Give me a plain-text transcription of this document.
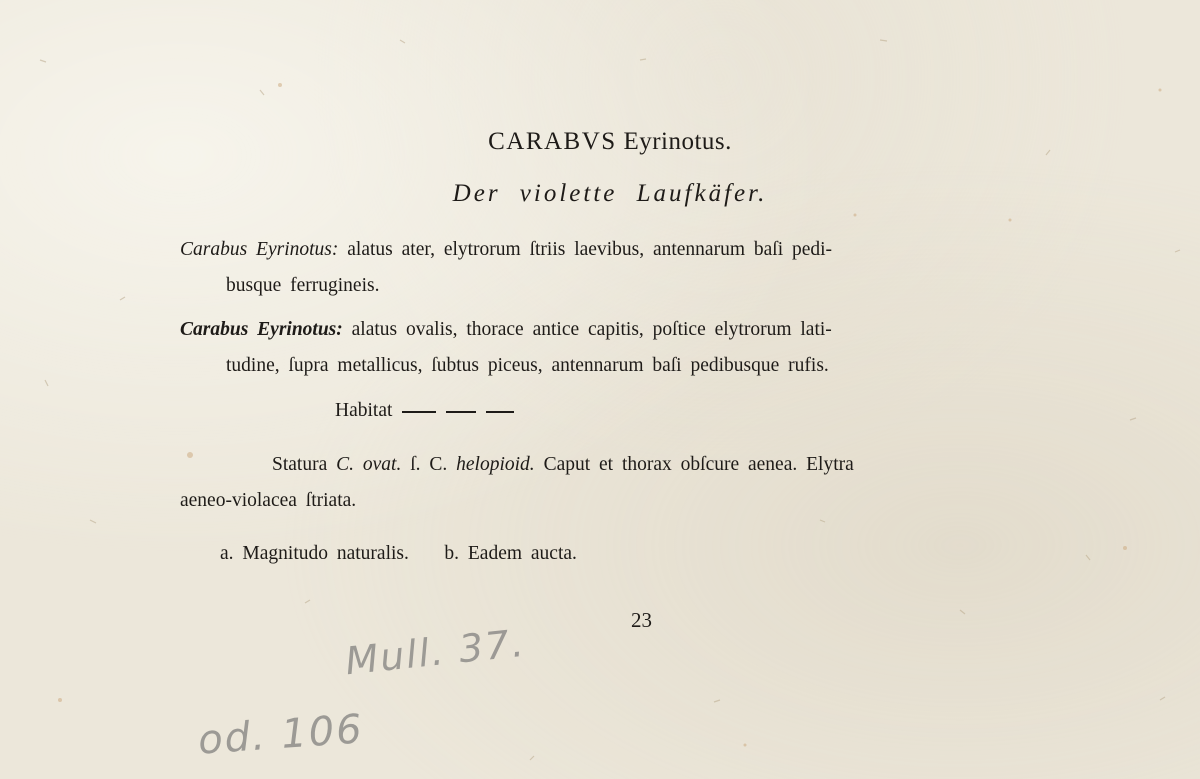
CARABVS Eyrinotus.
Der violette Laufkäfer.
Carabus Eyrinotus: alatus ater, elytrorum ſtriis laevibus, antennarum baſi pedi-
busque ferrugineis.
Carabus Eyrinotus: alatus ovalis, thorace antice capitis, poſtice elytrorum lati-
tudine, ſupra metallicus, ſubtus piceus, antennarum baſi pedibusque rufis.
Habitat
Statura C. ovat. ſ. C. helopioid. Caput et thorax obſcure aenea. Elytra
aeneo-violacea ſtriata.
a. Magnitudo naturalis. b. Eadem aucta.
23
Mull. 37.
od. 106
